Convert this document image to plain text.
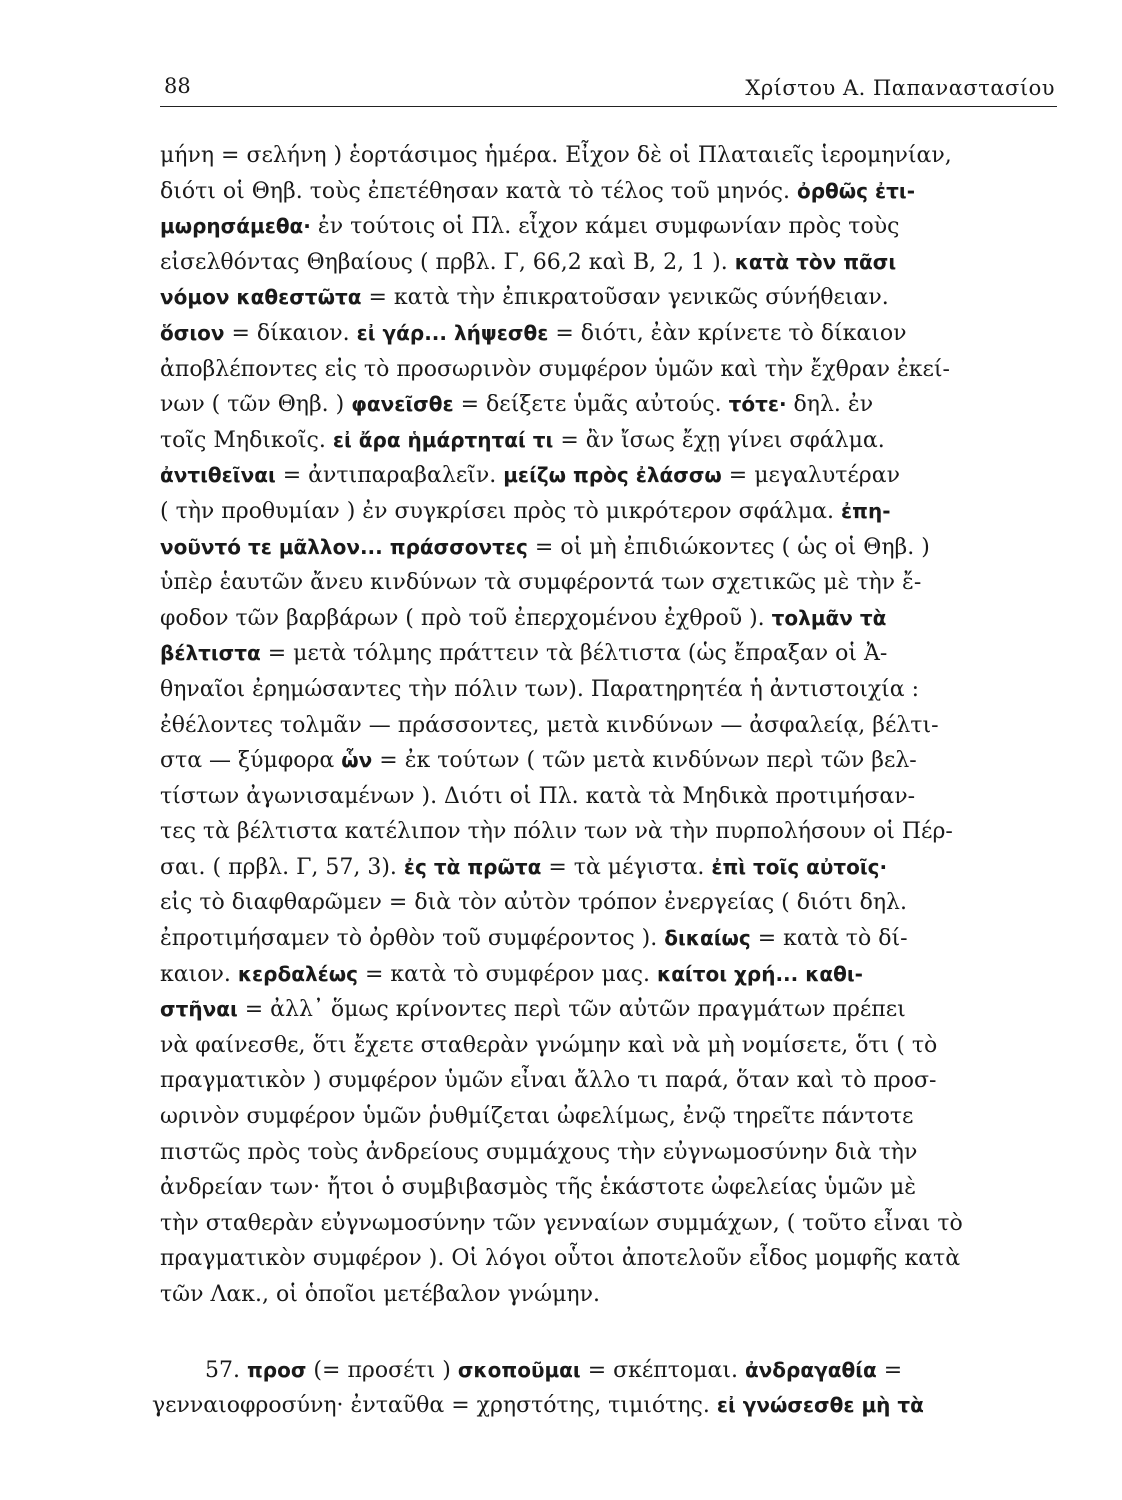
88	Χρίστου Α. Παπαναστασίου
μήνη = σελήνη ) ἑορτάσιμος ἡμέρα. Εἶχον δὲ οἱ Πλαταιεῖς ἱερομηνίαν,
διότι οἱ Θηβ. τοὺς ἐπετέθησαν κατὰ τὸ τέλος τοῦ μηνός. ὀρθῶς ἐτι-
μωρησάμεθα· ἐν τούτοις οἱ Πλ. εἶχον κάμει συμφωνίαν πρὸς τοὺς
εἰσελθόντας Θηβαίους ( πρβλ. Γ, 66,2 καὶ Β, 2, 1 ). κατὰ τὸν πᾶσι
νόμον καθεστῶτα = κατὰ τὴν ἐπικρατοῦσαν γενικῶς σύνήθειαν.
ὅσιον = δίκαιον. εἰ γάρ... λήψεσθε = διότι, ἐὰν κρίνετε τὸ δίκαιον
ἀποβλέποντες εἰς τὸ προσωρινὸν συμφέρον ὑμῶν καὶ τὴν ἔχθραν ἐκεί-
νων ( τῶν Θηβ. ) φανεῖσθε = δείξετε ὑμᾶς αὐτούς. τότε· δηλ. ἐν
τοῖς Μηδικοῖς. εἰ ἄρα ἡμάρτηταί τι = ἂν ἴσως ἔχῃ γίνει σφάλμα.
ἀντιθεῖναι = ἀντιπαραβαλεῖν. μείζω πρὸς ἐλάσσω = μεγαλυτέραν
( τὴν προθυμίαν ) ἐν συγκρίσει πρὸς τὸ μικρότερον σφάλμα. ἐπη-
νοῦντό τε μᾶλλον... πράσσοντες = οἱ μὴ ἐπιδιώκοντες ( ὡς οἱ Θηβ. )
ὑπὲρ ἑαυτῶν ἄνευ κινδύνων τὰ συμφέροντά των σχετικῶς μὲ τὴν ἔ-
φοδον τῶν βαρβάρων ( πρὸ τοῦ ἐπερχομένου ἐχθροῦ ). τολμᾶν τὰ
βέλτιστα = μετὰ τόλμης πράττειν τὰ βέλτιστα (ὡς ἔπραξαν οἱ Ἀ-
θηναῖοι ἐρημώσαντες τὴν πόλιν των). Παρατηρητέα ἡ ἀντιστοιχία :
ἐθέλοντες τολμᾶν — πράσσοντες, μετὰ κινδύνων — ἀσφαλείᾳ, βέλτι-
στα — ξύμφορα ὧν = ἐκ τούτων ( τῶν μετὰ κινδύνων περὶ τῶν βελ-
τίστων ἀγωνισαμένων ). Διότι οἱ Πλ. κατὰ τὰ Μηδικὰ προτιμήσαν-
τες τὰ βέλτιστα κατέλιπον τὴν πόλιν των νὰ τὴν πυρπολήσουν οἱ Πέρ-
σαι. ( πρβλ. Γ, 57, 3). ἐς τὰ πρῶτα = τὰ μέγιστα. ἐπὶ τοῖς αὐτοῖς·
εἰς τὸ διαφθαρῶμεν = διὰ τὸν αὐτὸν τρόπον ἐνεργείας ( διότι δηλ.
ἐπροτιμήσαμεν τὸ ὀρθὸν τοῦ συμφέροντος ). δικαίως = κατὰ τὸ δί-
καιον. κερδαλέως = κατὰ τὸ συμφέρον μας. καίτοι χρή... καθι-
στῆναι = ἀλλ᾽ ὅμως κρίνοντες περὶ τῶν αὐτῶν πραγμάτων πρέπει
νὰ φαίνεσθε, ὅτι ἔχετε σταθερὰν γνώμην καὶ νὰ μὴ νομίσετε, ὅτι ( τὸ
πραγματικὸν ) συμφέρον ὑμῶν εἶναι ἄλλο τι παρά, ὅταν καὶ τὸ προσ-
ωρινὸν συμφέρον ὑμῶν ῥυθμίζεται ὠφελίμως, ἐνῷ τηρεῖτε πάντοτε
πιστῶς πρὸς τοὺς ἀνδρείους συμμάχους τὴν εὐγνωμοσύνην διὰ τὴν
ἀνδρείαν των· ἤτοι ὁ συμβιβασμὸς τῆς ἑκάστοτε ὠφελείας ὑμῶν μὲ
τὴν σταθερὰν εὐγνωμοσύνην τῶν γενναίων συμμάχων, ( τοῦτο εἶναι τὸ
πραγματικὸν συμφέρον ). Οἱ λόγοι οὗτοι ἀποτελοῦν εἶδος μομφῆς κατὰ
τῶν Λακ., οἱ ὁποῖοι μετέβαλον γνώμην.
57. προσ (= προσέτι ) σκοποῦμαι = σκέπτομαι. ἀνδραγαθία =
γενναιοφροσύνη· ἐνταῦθα = χρηστότης, τιμιότης. εἰ γνώσεσθε μὴ τὰ
